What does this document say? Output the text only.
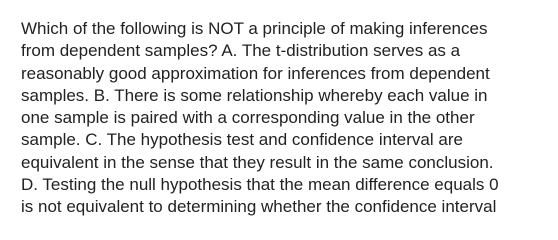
Which of the following is NOT a principle of making inferences
from dependent samples? A. The t-distribution serves as a
reasonably good approximation for inferences from dependent
samples. B. There is some relationship whereby each value in
one sample is paired with a corresponding value in the other
sample. C. The hypothesis test and confidence interval are
equivalent in the sense that they result in the same conclusion.
D. Testing the null hypothesis that the mean difference equals 0
is not equivalent to determining whether the confidence interval
